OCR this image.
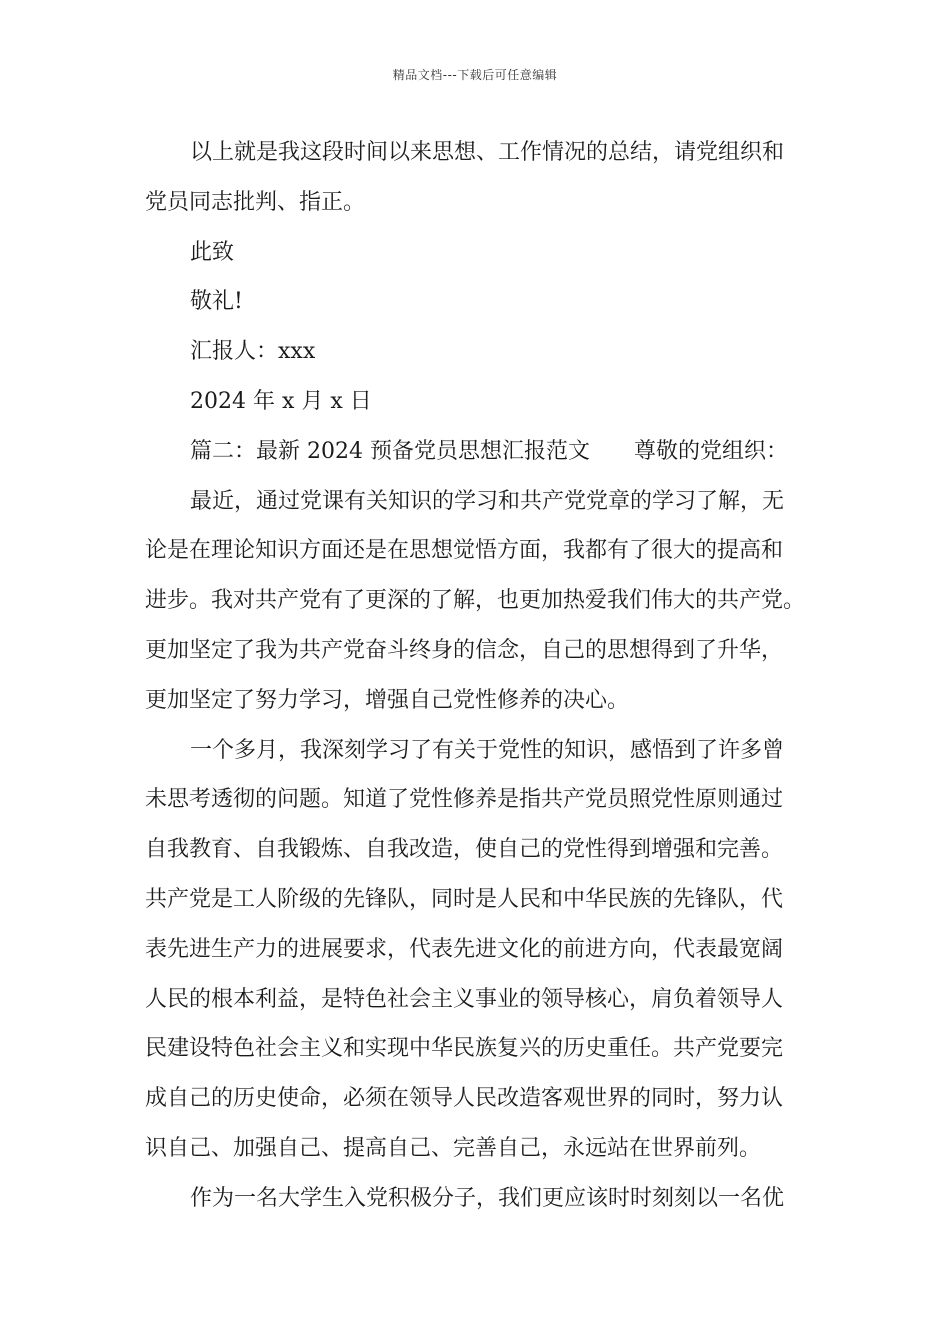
精品文档---下载后可任意编辑
以上就是我这段时间以来思想、工作情况的总结，请党组织和
党员同志批判、指正。
此致
敬礼!
汇报人：xxx
2024 年 x 月 x 日
篇二：最新 2024 预备党员思想汇报范文　　尊敬的党组织：
最近，通过党课有关知识的学习和共产党党章的学习了解，无
论是在理论知识方面还是在思想觉悟方面，我都有了很大的提高和
进步。我对共产党有了更深的了解，也更加热爱我们伟大的共产党。
更加坚定了我为共产党奋斗终身的信念，自己的思想得到了升华，
更加坚定了努力学习，增强自己党性修养的决心。
一个多月，我深刻学习了有关于党性的知识，感悟到了许多曾
未思考透彻的问题。知道了党性修养是指共产党员照党性原则通过
自我教育、自我锻炼、自我改造，使自己的党性得到增强和完善。
共产党是工人阶级的先锋队，同时是人民和中华民族的先锋队，代
表先进生产力的进展要求，代表先进文化的前进方向，代表最宽阔
人民的根本利益，是特色社会主义事业的领导核心，肩负着领导人
民建设特色社会主义和实现中华民族复兴的历史重任。共产党要完
成自己的历史使命，必须在领导人民改造客观世界的同时，努力认
识自己、加强自己、提高自己、完善自己，永远站在世界前列。
作为一名大学生入党积极分子，我们更应该时时刻刻以一名优
